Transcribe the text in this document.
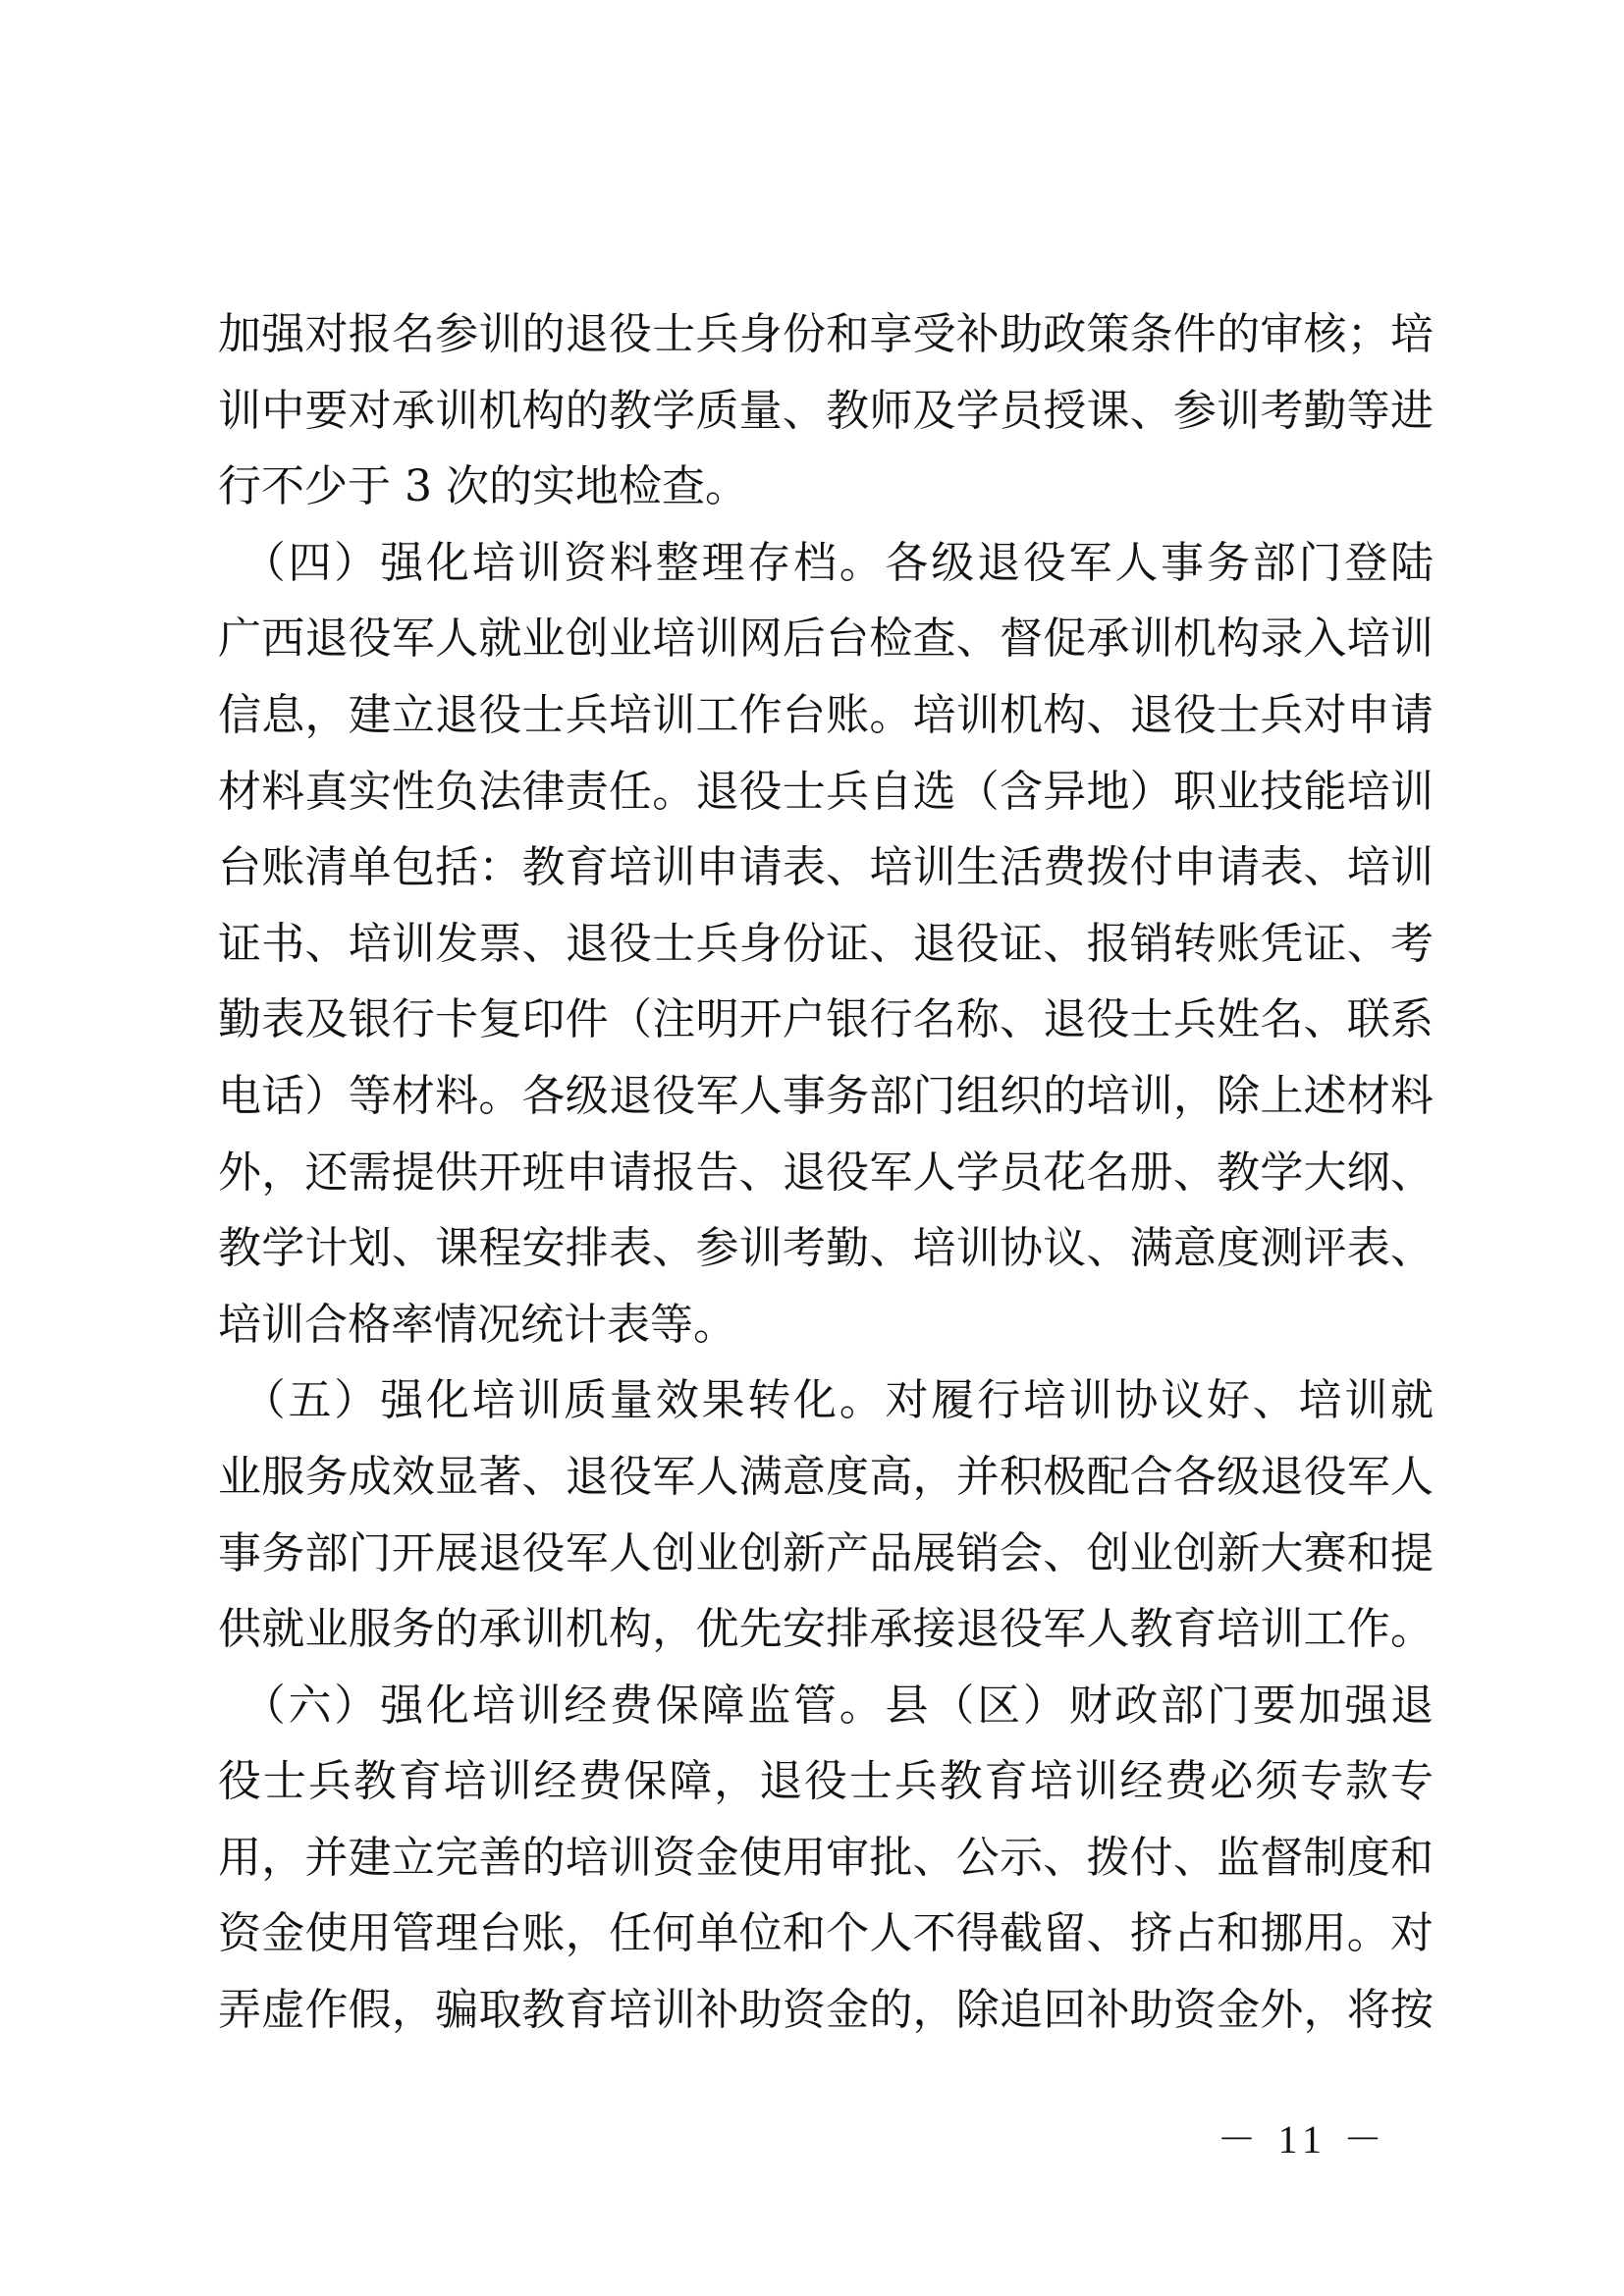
加强对报名参训的退役士兵身份和享受补助政策条件的审核；培
训中要对承训机构的教学质量、教师及学员授课、参训考勤等进
行不少于 3 次的实地检查。
　（四）强化培训资料整理存档。各级退役军人事务部门登陆
广西退役军人就业创业培训网后台检查、督促承训机构录入培训
信息，建立退役士兵培训工作台账。培训机构、退役士兵对申请
材料真实性负法律责任。退役士兵自选（含异地）职业技能培训
台账清单包括：教育培训申请表、培训生活费拨付申请表、培训
证书、培训发票、退役士兵身份证、退役证、报销转账凭证、考
勤表及银行卡复印件（注明开户银行名称、退役士兵姓名、联系
电话）等材料。各级退役军人事务部门组织的培训，除上述材料
外，还需提供开班申请报告、退役军人学员花名册、教学大纲、
教学计划、课程安排表、参训考勤、培训协议、满意度测评表、
培训合格率情况统计表等。
　（五）强化培训质量效果转化。对履行培训协议好、培训就
业服务成效显著、退役军人满意度高，并积极配合各级退役军人
事务部门开展退役军人创业创新产品展销会、创业创新大赛和提
供就业服务的承训机构，优先安排承接退役军人教育培训工作。
　（六）强化培训经费保障监管。县（区）财政部门要加强退
役士兵教育培训经费保障，退役士兵教育培训经费必须专款专
用，并建立完善的培训资金使用审批、公示、拨付、监督制度和
资金使用管理台账，任何单位和个人不得截留、挤占和挪用。对
弄虚作假，骗取教育培训补助资金的，除追回补助资金外，将按
－ 11 －
